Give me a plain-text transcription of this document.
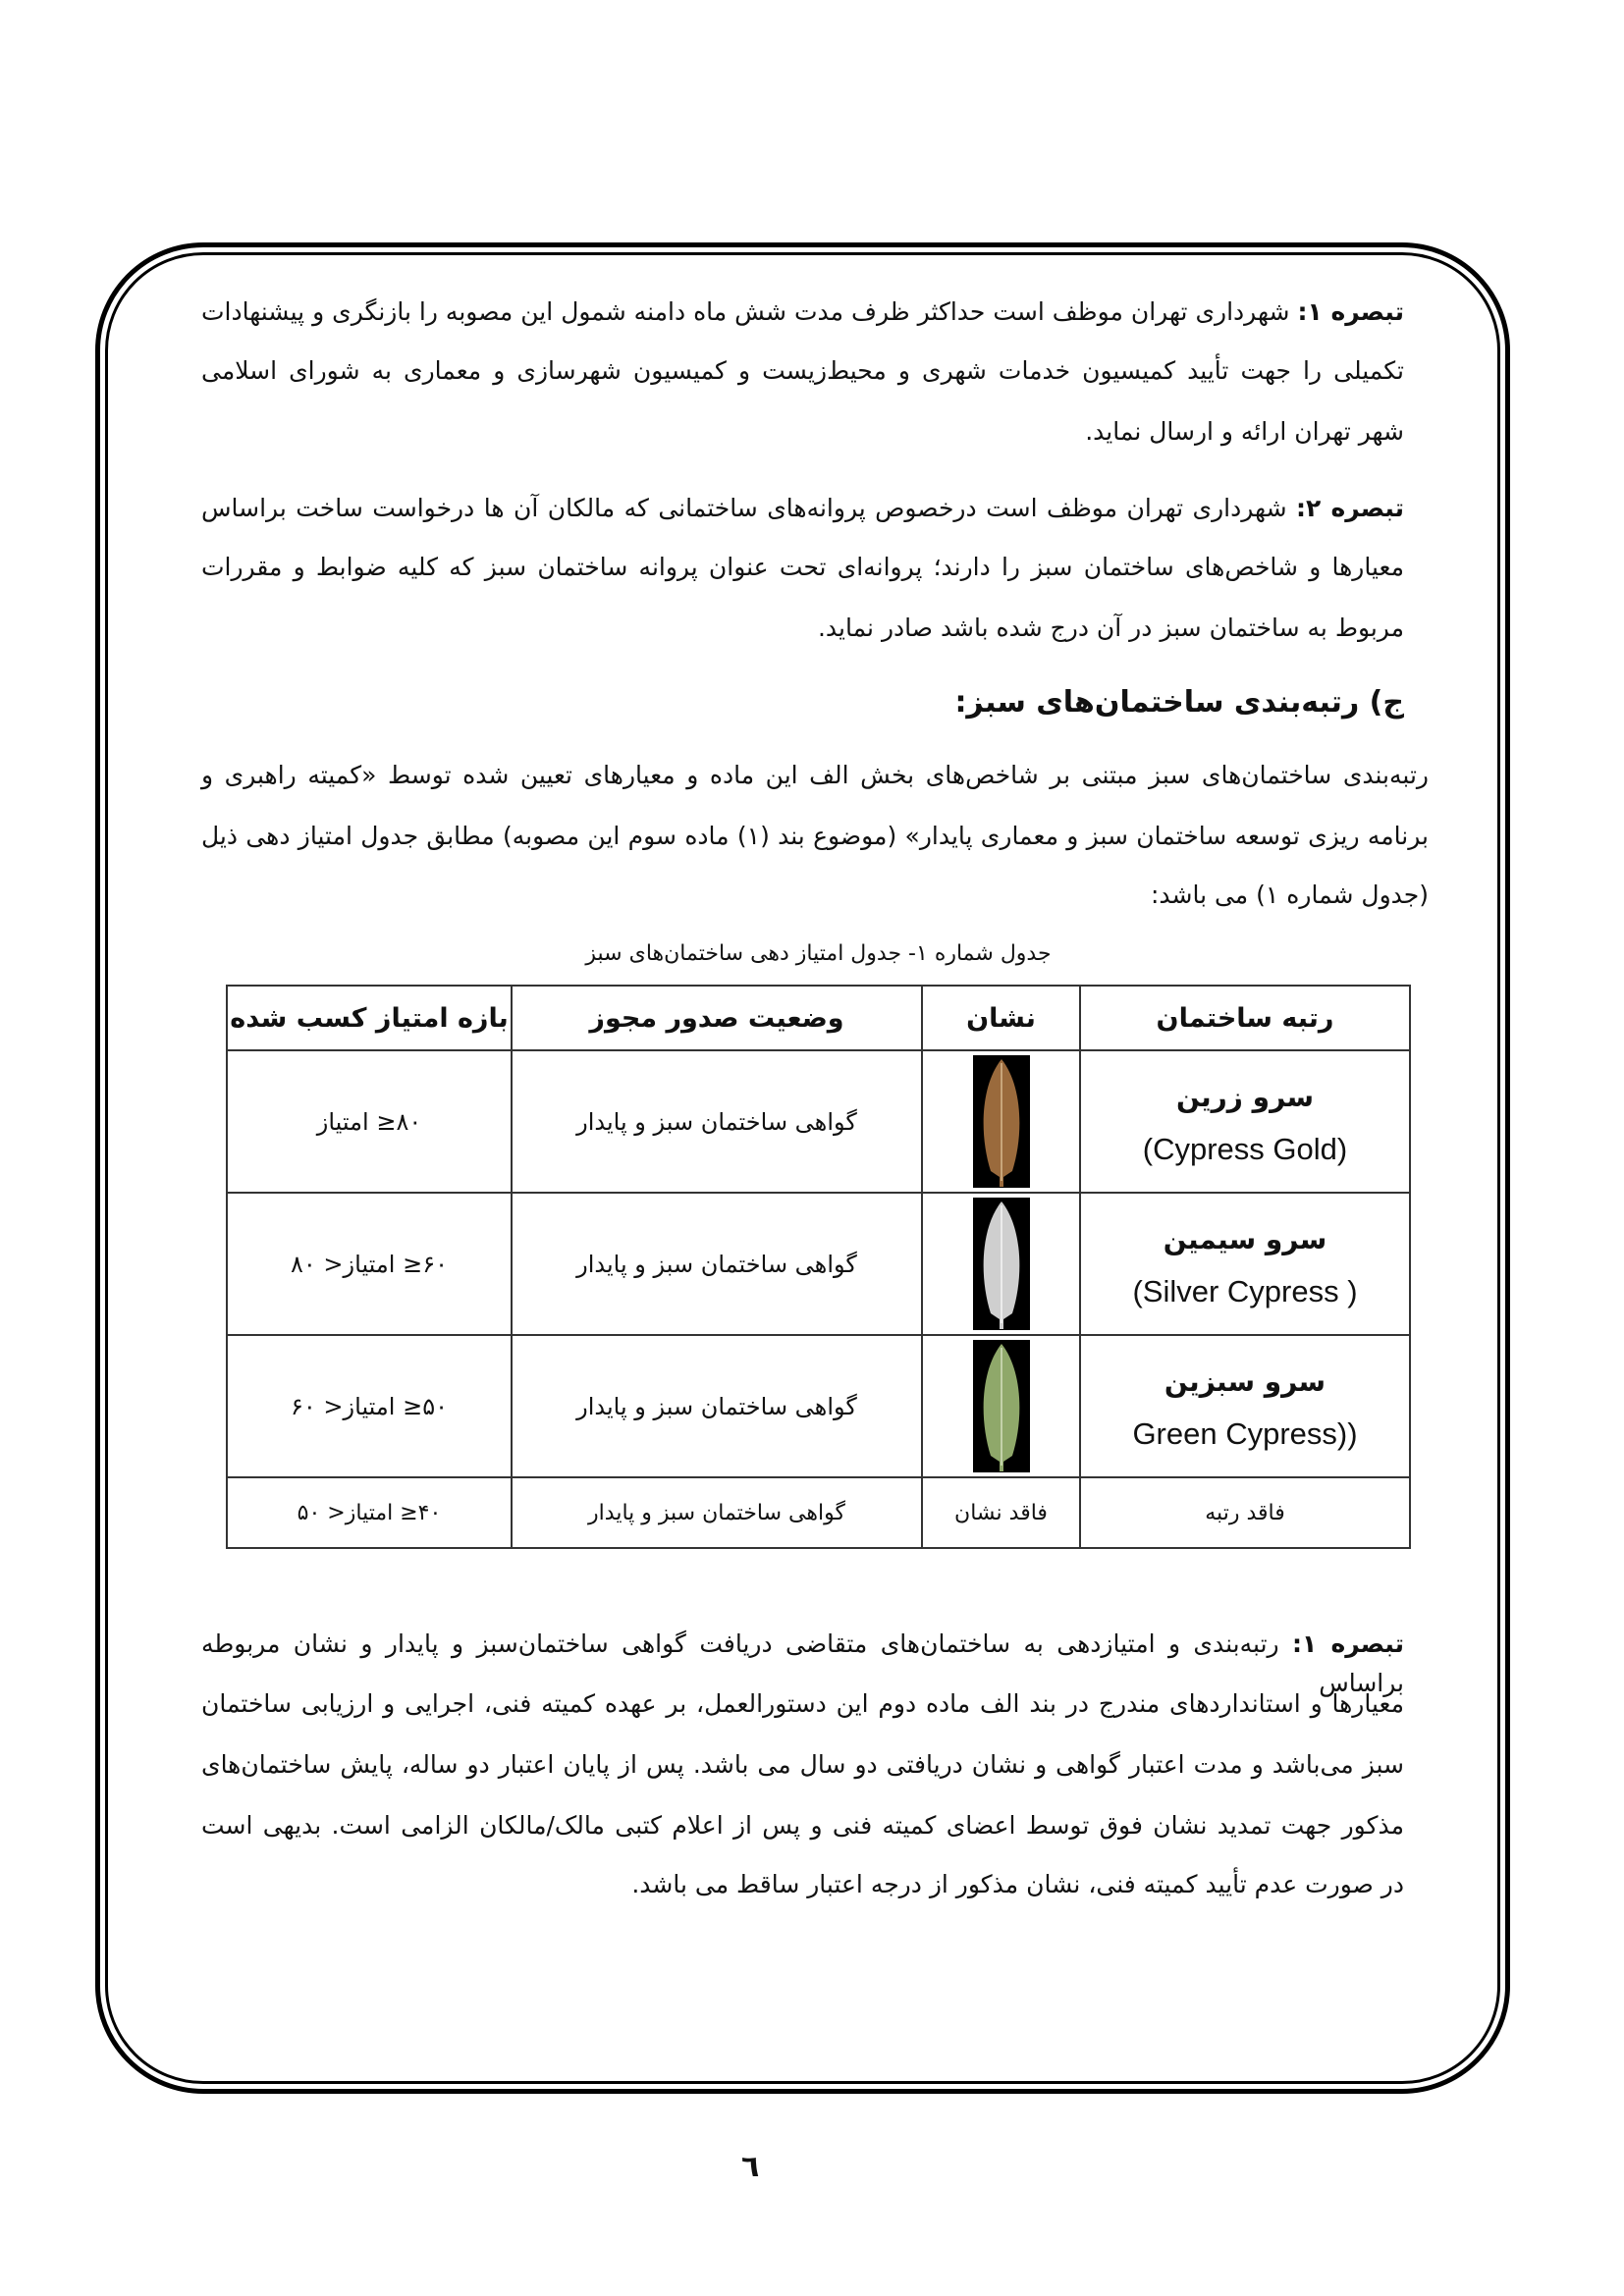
تبصره ۱: شهرداری تهران موظف است حداکثر ظرف مدت شش ماه دامنه شمول این مصوبه را بازنگری و پیشنهادات
تکمیلی را جهت تأیید کمیسیون خدمات شهری و محیط‌زیست و کمیسیون شهرسازی و معماری به شورای اسلامی
شهر تهران ارائه و ارسال نماید.
تبصره ۲: شهرداری تهران موظف است درخصوص پروانه‌های ساختمانی که مالکان آن ها درخواست ساخت براساس
معیارها و شاخص‌های ساختمان سبز را دارند؛ پروانه‌ای تحت عنوان پروانه ساختمان سبز که کلیه ضوابط و مقررات
مربوط به ساختمان سبز در آن درج شده باشد صادر نماید.
ج) رتبه‌بندی ساختمان‌های سبز:
رتبه‌بندی ساختمان‌های سبز مبتنی بر شاخص‌های بخش الف این ماده و معیارهای تعیین شده توسط «کمیته راهبری و
برنامه ریزی توسعه ساختمان سبز و معماری پایدار» (موضوع بند (۱) ماده سوم این مصوبه) مطابق جدول امتیاز دهی ذیل
(جدول شماره ۱) می باشد:
جدول شماره ۱- جدول امتیاز دهی ساختمان‌های سبز
رتبه ساختمان	نشان	وضعیت صدور مجوز	بازه امتیاز کسب شده

سرو زرین
(Cypress Gold)		گواهی ساختمان سبز و پایدار	۸۰≤ امتیاز

سرو سیمین
(Silver Cypress )		گواهی ساختمان سبز و پایدار	۶۰≤ امتیاز< ۸۰

سرو سبزین
Green Cypress))		گواهی ساختمان سبز و پایدار	۵۰≤ امتیاز< ۶۰
فاقد رتبه	فاقد نشان	گواهی ساختمان سبز و پایدار	۴۰≤ امتیاز< ۵۰
تبصره ۱: رتبه‌بندی و امتیازدهی به ساختمان‌های متقاضی دریافت گواهی ساختمان‌سبز و پایدار و نشان مربوطه براساس
معیارها و استانداردهای مندرج در بند الف ماده دوم این دستورالعمل، بر عهده کمیته فنی، اجرایی و ارزیابی ساختمان
سبز می‌باشد و مدت اعتبار گواهی و نشان دریافتی دو سال می باشد. پس از پایان اعتبار دو ساله، پایش ساختمان‌های
مذکور جهت تمدید نشان فوق توسط اعضای کمیته فنی و پس از اعلام کتبی مالک/مالکان الزامی است. بدیهی است
در صورت عدم تأیید کمیته فنی، نشان مذکور از درجه اعتبار ساقط می باشد.
٦
